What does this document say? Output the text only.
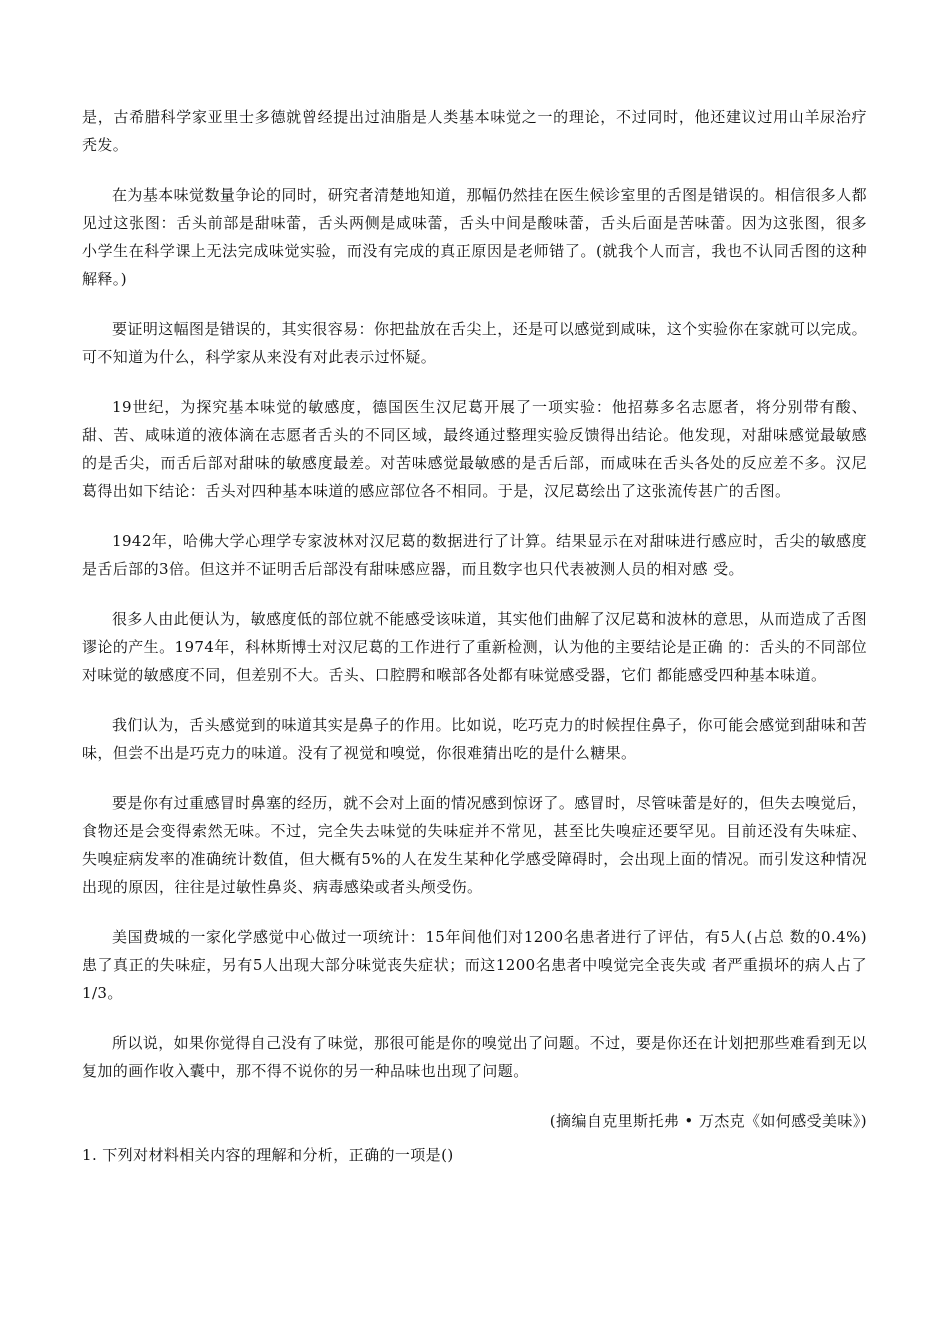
是，古希腊科学家亚里士多德就曾经提出过油脂是人类基本味觉之一的理论，不过同时，他还建议过用山羊尿治疗秃发。

在为基本味觉数量争论的同时，研究者清楚地知道，那幅仍然挂在医生候诊室里的舌图是错误的。相信很多人都见过这张图：舌头前部是甜味蕾，舌头两侧是咸味蕾，舌头中间是酸味蕾，舌头后面是苦味蕾。因为这张图，很多小学生在科学课上无法完成味觉实验，而没有完成的真正原因是老师错了。(就我个人而言，我也不认同舌图的这种解释。)

要证明这幅图是错误的，其实很容易：你把盐放在舌尖上，还是可以感觉到咸味，这个实验你在家就可以完成。可不知道为什么，科学家从来没有对此表示过怀疑。

19世纪，为探究基本味觉的敏感度，德国医生汉尼葛开展了一项实验：他招募多名志愿者，将分别带有酸、甜、苦、咸味道的液体滴在志愿者舌头的不同区域，最终通过整理实验反馈得出结论。他发现，对甜味感觉最敏感的是舌尖，而舌后部对甜味的敏感度最差。对苦味感觉最敏感的是舌后部，而咸味在舌头各处的反应差不多。汉尼葛得出如下结论：舌头对四种基本味道的感应部位各不相同。于是，汉尼葛绘出了这张流传甚广的舌图。

1942年，哈佛大学心理学专家波林对汉尼葛的数据进行了计算。结果显示在对甜味进行感应时，舌尖的敏感度是舌后部的3倍。但这并不证明舌后部没有甜味感应器，而且数字也只代表被测人员的相对感 受。

很多人由此便认为，敏感度低的部位就不能感受该味道，其实他们曲解了汉尼葛和波林的意思，从而造成了舌图谬论的产生。1974年，科林斯博士对汉尼葛的工作进行了重新检测，认为他的主要结论是正确 的：舌头的不同部位对味觉的敏感度不同，但差别不大。舌头、口腔腭和喉部各处都有味觉感受器，它们 都能感受四种基本味道。

我们认为，舌头感觉到的味道其实是鼻子的作用。比如说，吃巧克力的时候捏住鼻子，你可能会感觉到甜味和苦味，但尝不出是巧克力的味道。没有了视觉和嗅觉，你很难猜出吃的是什么糖果。

要是你有过重感冒时鼻塞的经历，就不会对上面的情况感到惊讶了。感冒时，尽管味蕾是好的，但失去嗅觉后，食物还是会变得索然无味。不过，完全失去味觉的失味症并不常见，甚至比失嗅症还要罕见。目前还没有失味症、失嗅症病发率的准确统计数值，但大概有5%的人在发生某种化学感受障碍时，会出现上面的情况。而引发这种情况出现的原因，往往是过敏性鼻炎、病毒感染或者头颅受伤。

美国费城的一家化学感觉中心做过一项统计：15年间他们对1200名患者进行了评估，有5人(占总 数的0.4%)患了真正的失味症，另有5人出现大部分味觉丧失症状；而这1200名患者中嗅觉完全丧失或 者严重损坏的病人占了1/3。

所以说，如果你觉得自己没有了味觉，那很可能是你的嗅觉出了问题。不过，要是你还在计划把那些难看到无以复加的画作收入囊中，那不得不说你的另一种品味也出现了问题。

(摘编自克里斯托弗 • 万杰克《如何感受美味》)

1. 下列对材料相关内容的理解和分析，正确的一项是()
